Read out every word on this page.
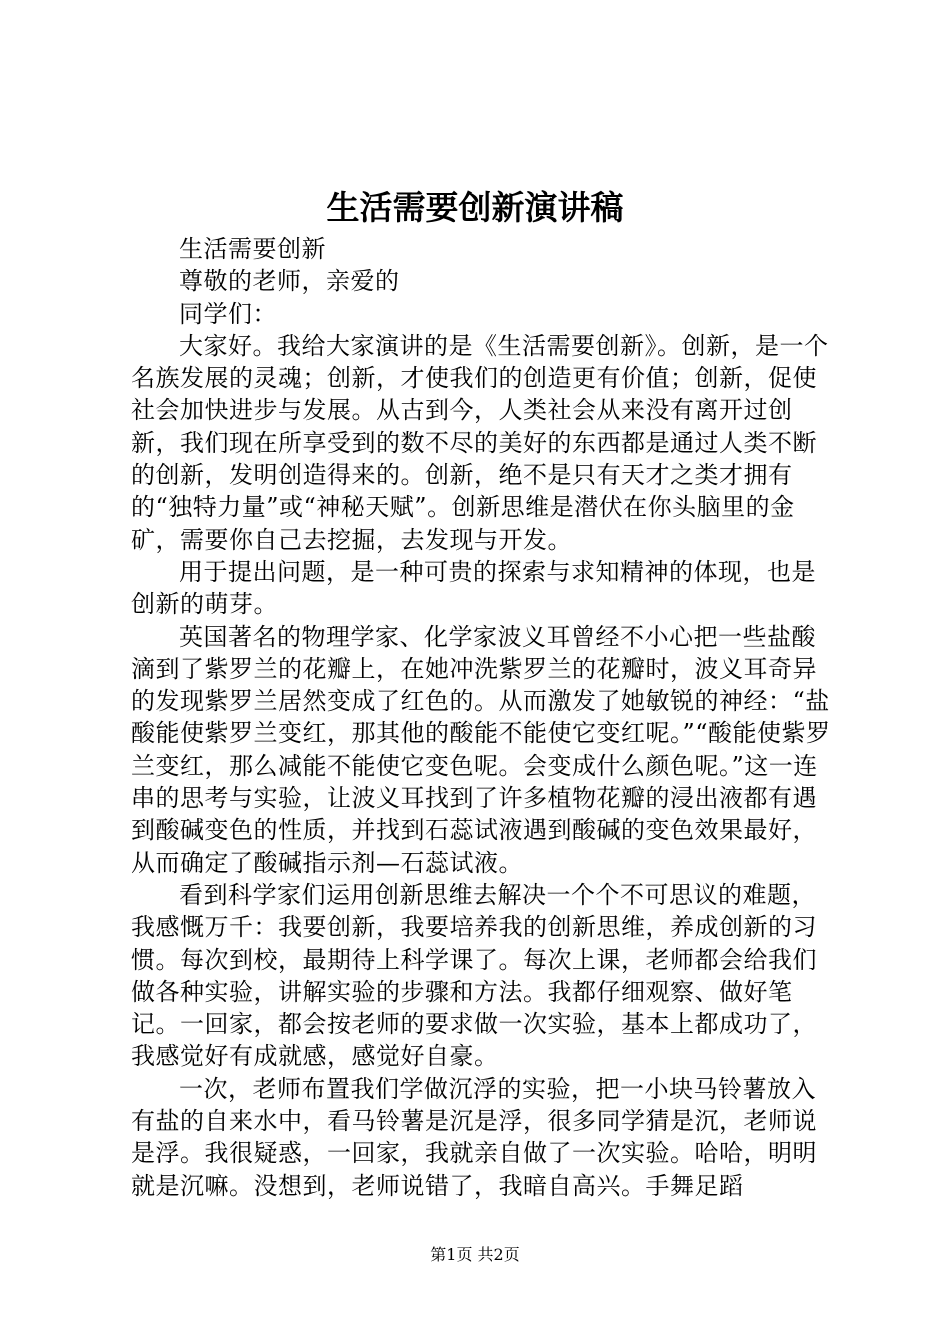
生活需要创新演讲稿

生活需要创新

尊敬的老师，亲爱的

同学们：

大家好。我给大家演讲的是《生活需要创新》。创新，是一个名族发展的灵魂；创新，才使我们的创造更有价值；创新，促使社会加快进步与发展。从古到今，人类社会从来没有离开过创新，我们现在所享受到的数不尽的美好的东西都是通过人类不断的创新，发明创造得来的。创新，绝不是只有天才之类才拥有的“独特力量”或“神秘天赋”。创新思维是潜伏在你头脑里的金矿，需要你自己去挖掘，去发现与开发。

用于提出问题，是一种可贵的探索与求知精神的体现，也是创新的萌芽。

英国著名的物理学家、化学家波义耳曾经不小心把一些盐酸滴到了紫罗兰的花瓣上，在她冲洗紫罗兰的花瓣时，波义耳奇异的发现紫罗兰居然变成了红色的。从而激发了她敏锐的神经：“盐酸能使紫罗兰变红，那其他的酸能不能使它变红呢。”“酸能使紫罗兰变红，那么减能不能使它变色呢。会变成什么颜色呢。”这一连串的思考与实验，让波义耳找到了许多植物花瓣的浸出液都有遇到酸碱变色的性质，并找到石蕊试液遇到酸碱的变色效果最好，从而确定了酸碱指示剂—石蕊试液。

看到科学家们运用创新思维去解决一个个不可思议的难题，我感慨万千：我要创新，我要培养我的创新思维，养成创新的习惯。每次到校，最期待上科学课了。每次上课，老师都会给我们做各种实验，讲解实验的步骤和方法。我都仔细观察、做好笔记。一回家，都会按老师的要求做一次实验，基本上都成功了，我感觉好有成就感，感觉好自豪。

一次，老师布置我们学做沉浮的实验，把一小块马铃薯放入有盐的自来水中，看马铃薯是沉是浮，很多同学猜是沉，老师说是浮。我很疑惑，一回家，我就亲自做了一次实验。哈哈，明明就是沉嘛。没想到，老师说错了，我暗自高兴。手舞足蹈

第1页 共2页
